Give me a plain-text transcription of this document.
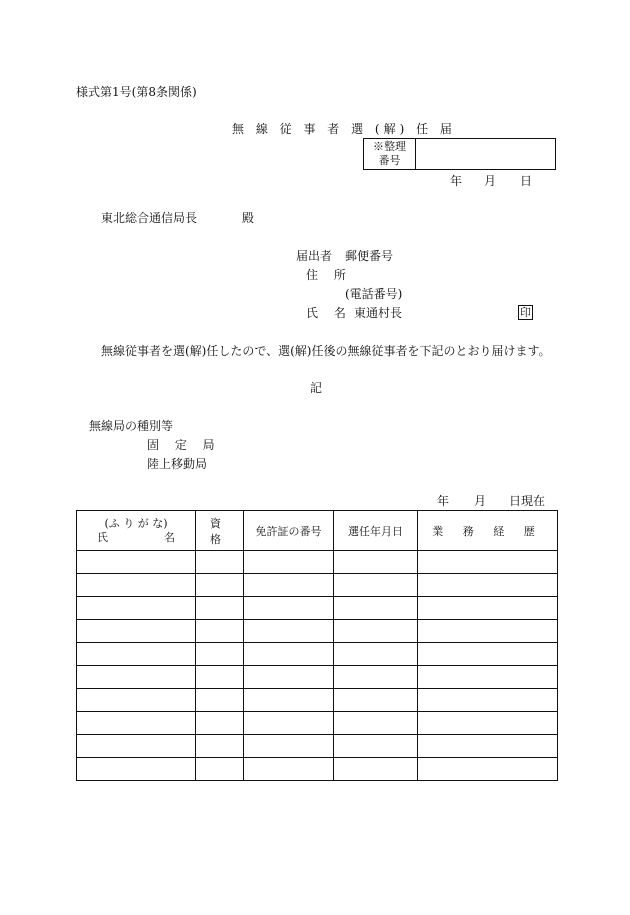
様式第1号(第8条関係)
無 線 従 事 者 選 (解) 任 届
※整理
番号
年 月 日
東北総合通信局長	殿
届出者 郵便番号
住 所
(電話番号)
氏 名 東通村長	印
無線従事者を選(解)任したので、選(解)任後の無線従事者を下記のとおり届けます。
記
無線局の種別等
固 定 局
陸上移動局
年 月 日現在
(ふ り が な)
氏 名	資 格	免許証の番号	選任年月日	業 務 経 歴
